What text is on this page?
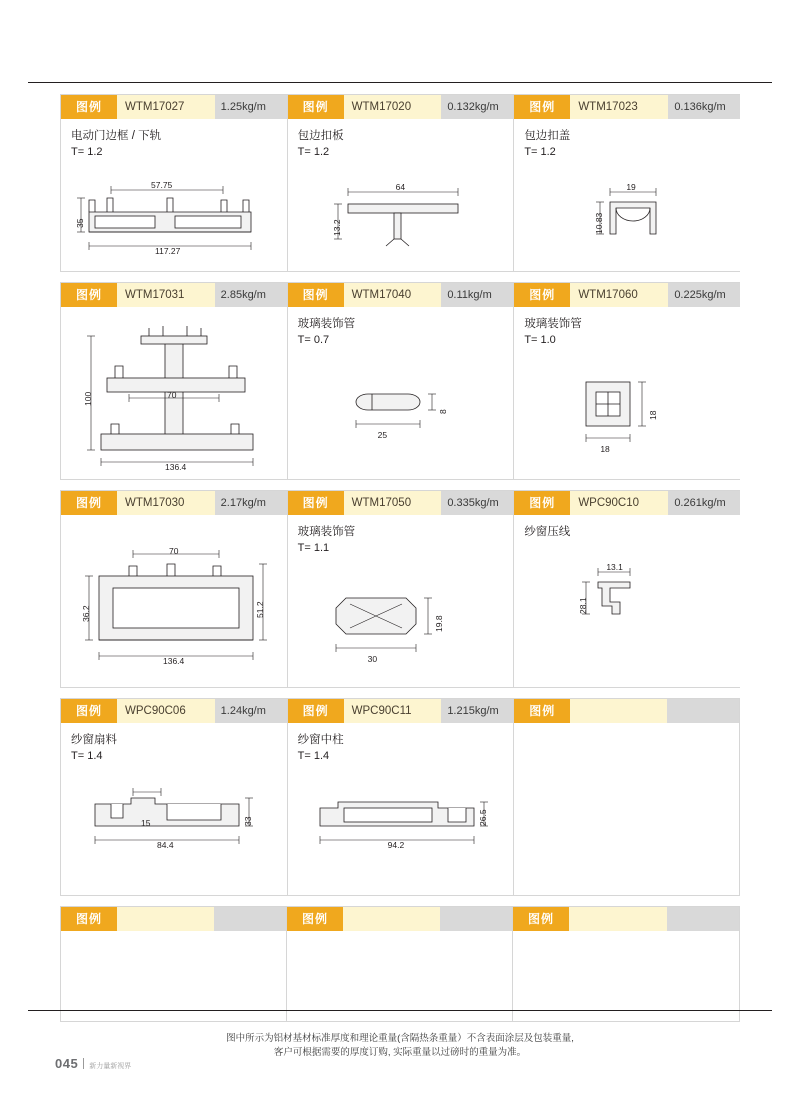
图例	WTM17027	1.25kg/m
电动门边框 / 下轨
T= 1.2
57.75
35
117.27
图例	WTM17020	0.132kg/m
包边扣板
T= 1.2
64
13.2
图例	WTM17023	0.136kg/m
包边扣盖
T= 1.2
19
10.83
图例	WTM17031	2.85kg/m
100	70
136.4
图例	WTM17040	0.11kg/m
玻璃装饰管
T= 0.7
25
8
图例	WTM17060	0.225kg/m
玻璃装饰管
T= 1.0
18
18
图例	WTM17030	2.17kg/m
70
36.2	51.2
136.4
图例	WTM17050	0.335kg/m
玻璃装饰管
T= 1.1
30
19.8
图例	WPC90C10	0.261kg/m
纱窗压线
13.1
28.1
图例	WPC90C06	1.24kg/m
纱窗扇料
T= 1.4
15	33
84.4
图例	WPC90C11	1.215kg/m
纱窗中柱
T= 1.4
26.5
94.2
图例
图例	图例	图例
图中所示为铝材基材标准厚度和理论重量(含隔热条重量）不含表面涂层及包装重量,
客户可根据需要的厚度订购, 实际重量以过磅时的重量为准。
045 新力量新视界
